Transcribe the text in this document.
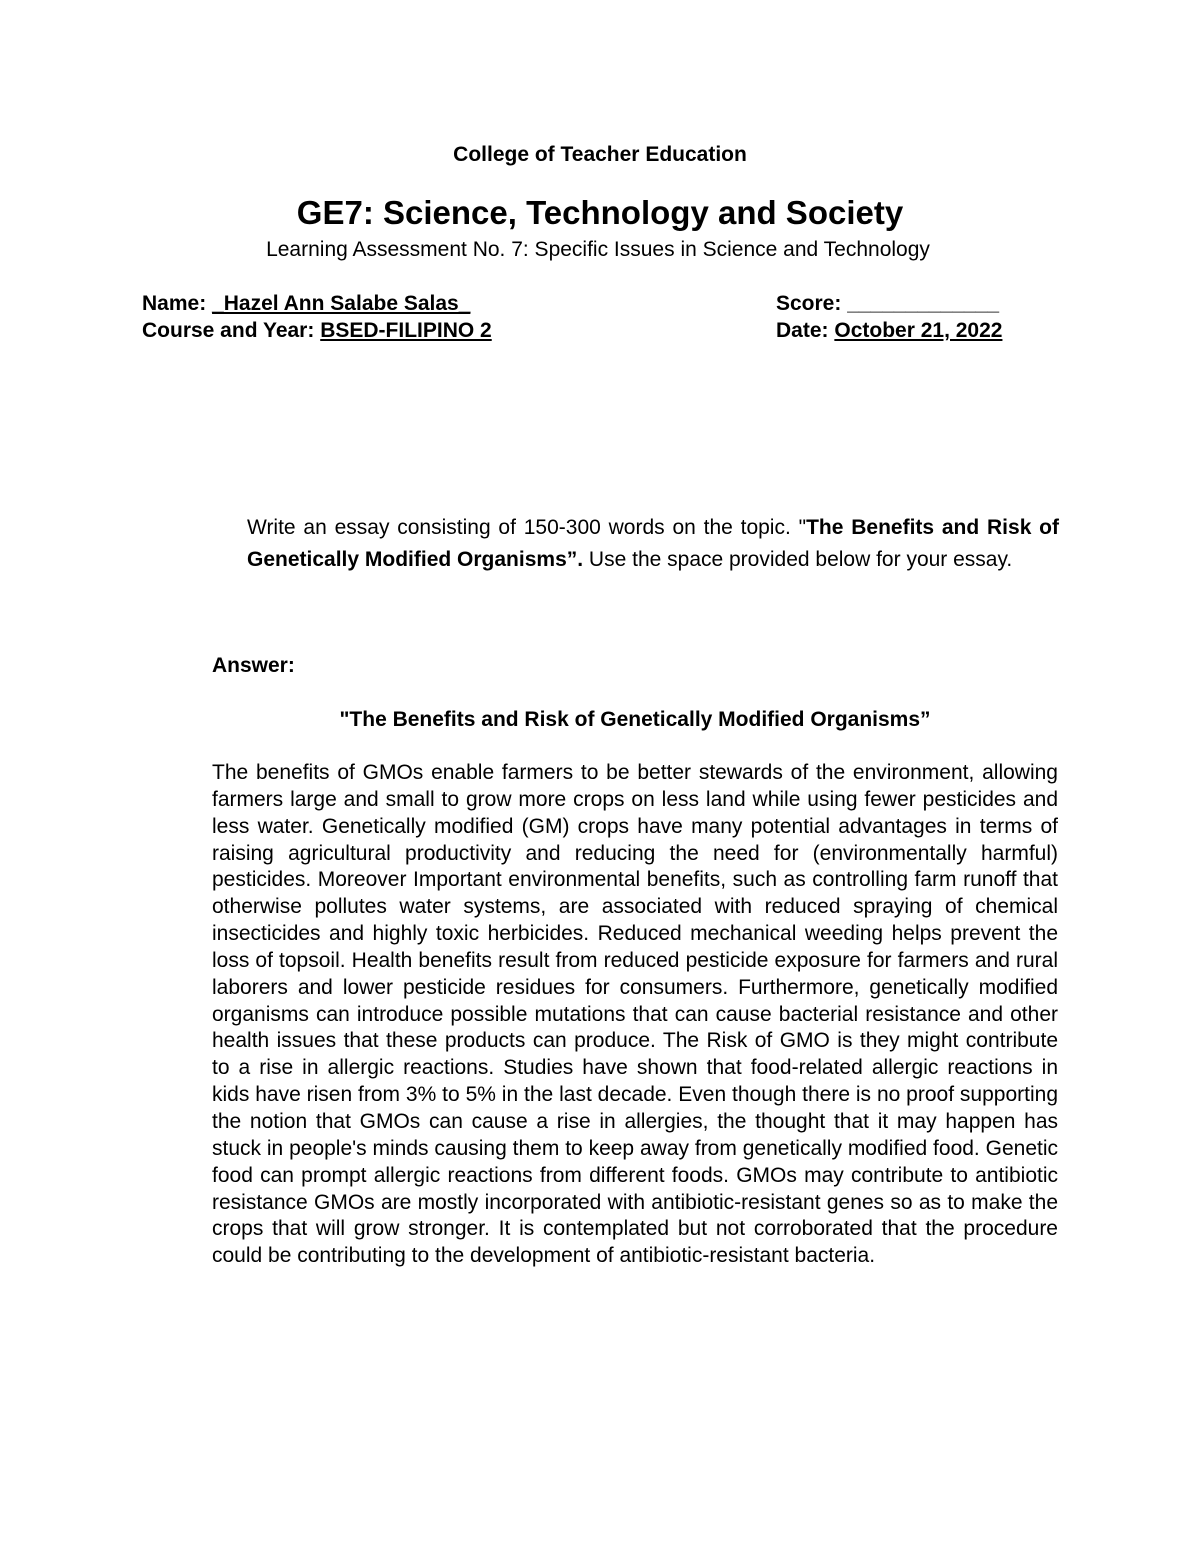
College of Teacher Education
GE7: Science, Technology and Society
Learning Assessment No. 7: Specific Issues in Science and Technology
Name: _Hazel Ann Salabe Salas_	Score: _____________
Course and Year: BSED-FILIPINO 2	Date: October 21, 2022
Write an essay consisting of 150-300 words on the topic. "The Benefits and Risk of Genetically Modified Organisms”. Use the space provided below for your essay.
Answer:
"The Benefits and Risk of Genetically Modified Organisms”
The benefits of GMOs enable farmers to be better stewards of the environment, allowing farmers large and small to grow more crops on less land while using fewer pesticides and less water. Genetically modified (GM) crops have many potential advantages in terms of raising agricultural productivity and reducing the need for (environmentally harmful) pesticides. Moreover Important environmental benefits, such as controlling farm runoff that otherwise pollutes water systems, are associated with reduced spraying of chemical insecticides and highly toxic herbicides. Reduced mechanical weeding helps prevent the loss of topsoil. Health benefits result from reduced pesticide exposure for farmers and rural laborers and lower pesticide residues for consumers. Furthermore, genetically modified organisms can introduce possible mutations that can cause bacterial resistance and other health issues that these products can produce. The Risk of GMO is they might contribute to a rise in allergic reactions. Studies have shown that food-related allergic reactions in kids have risen from 3% to 5% in the last decade. Even though there is no proof supporting the notion that GMOs can cause a rise in allergies, the thought that it may happen has stuck in people's minds causing them to keep away from genetically modified food. Genetic food can prompt allergic reactions from different foods. GMOs may contribute to antibiotic resistance GMOs are mostly incorporated with antibiotic-resistant genes so as to make the crops that will grow stronger. It is contemplated but not corroborated that the procedure could be contributing to the development of antibiotic-resistant bacteria.
